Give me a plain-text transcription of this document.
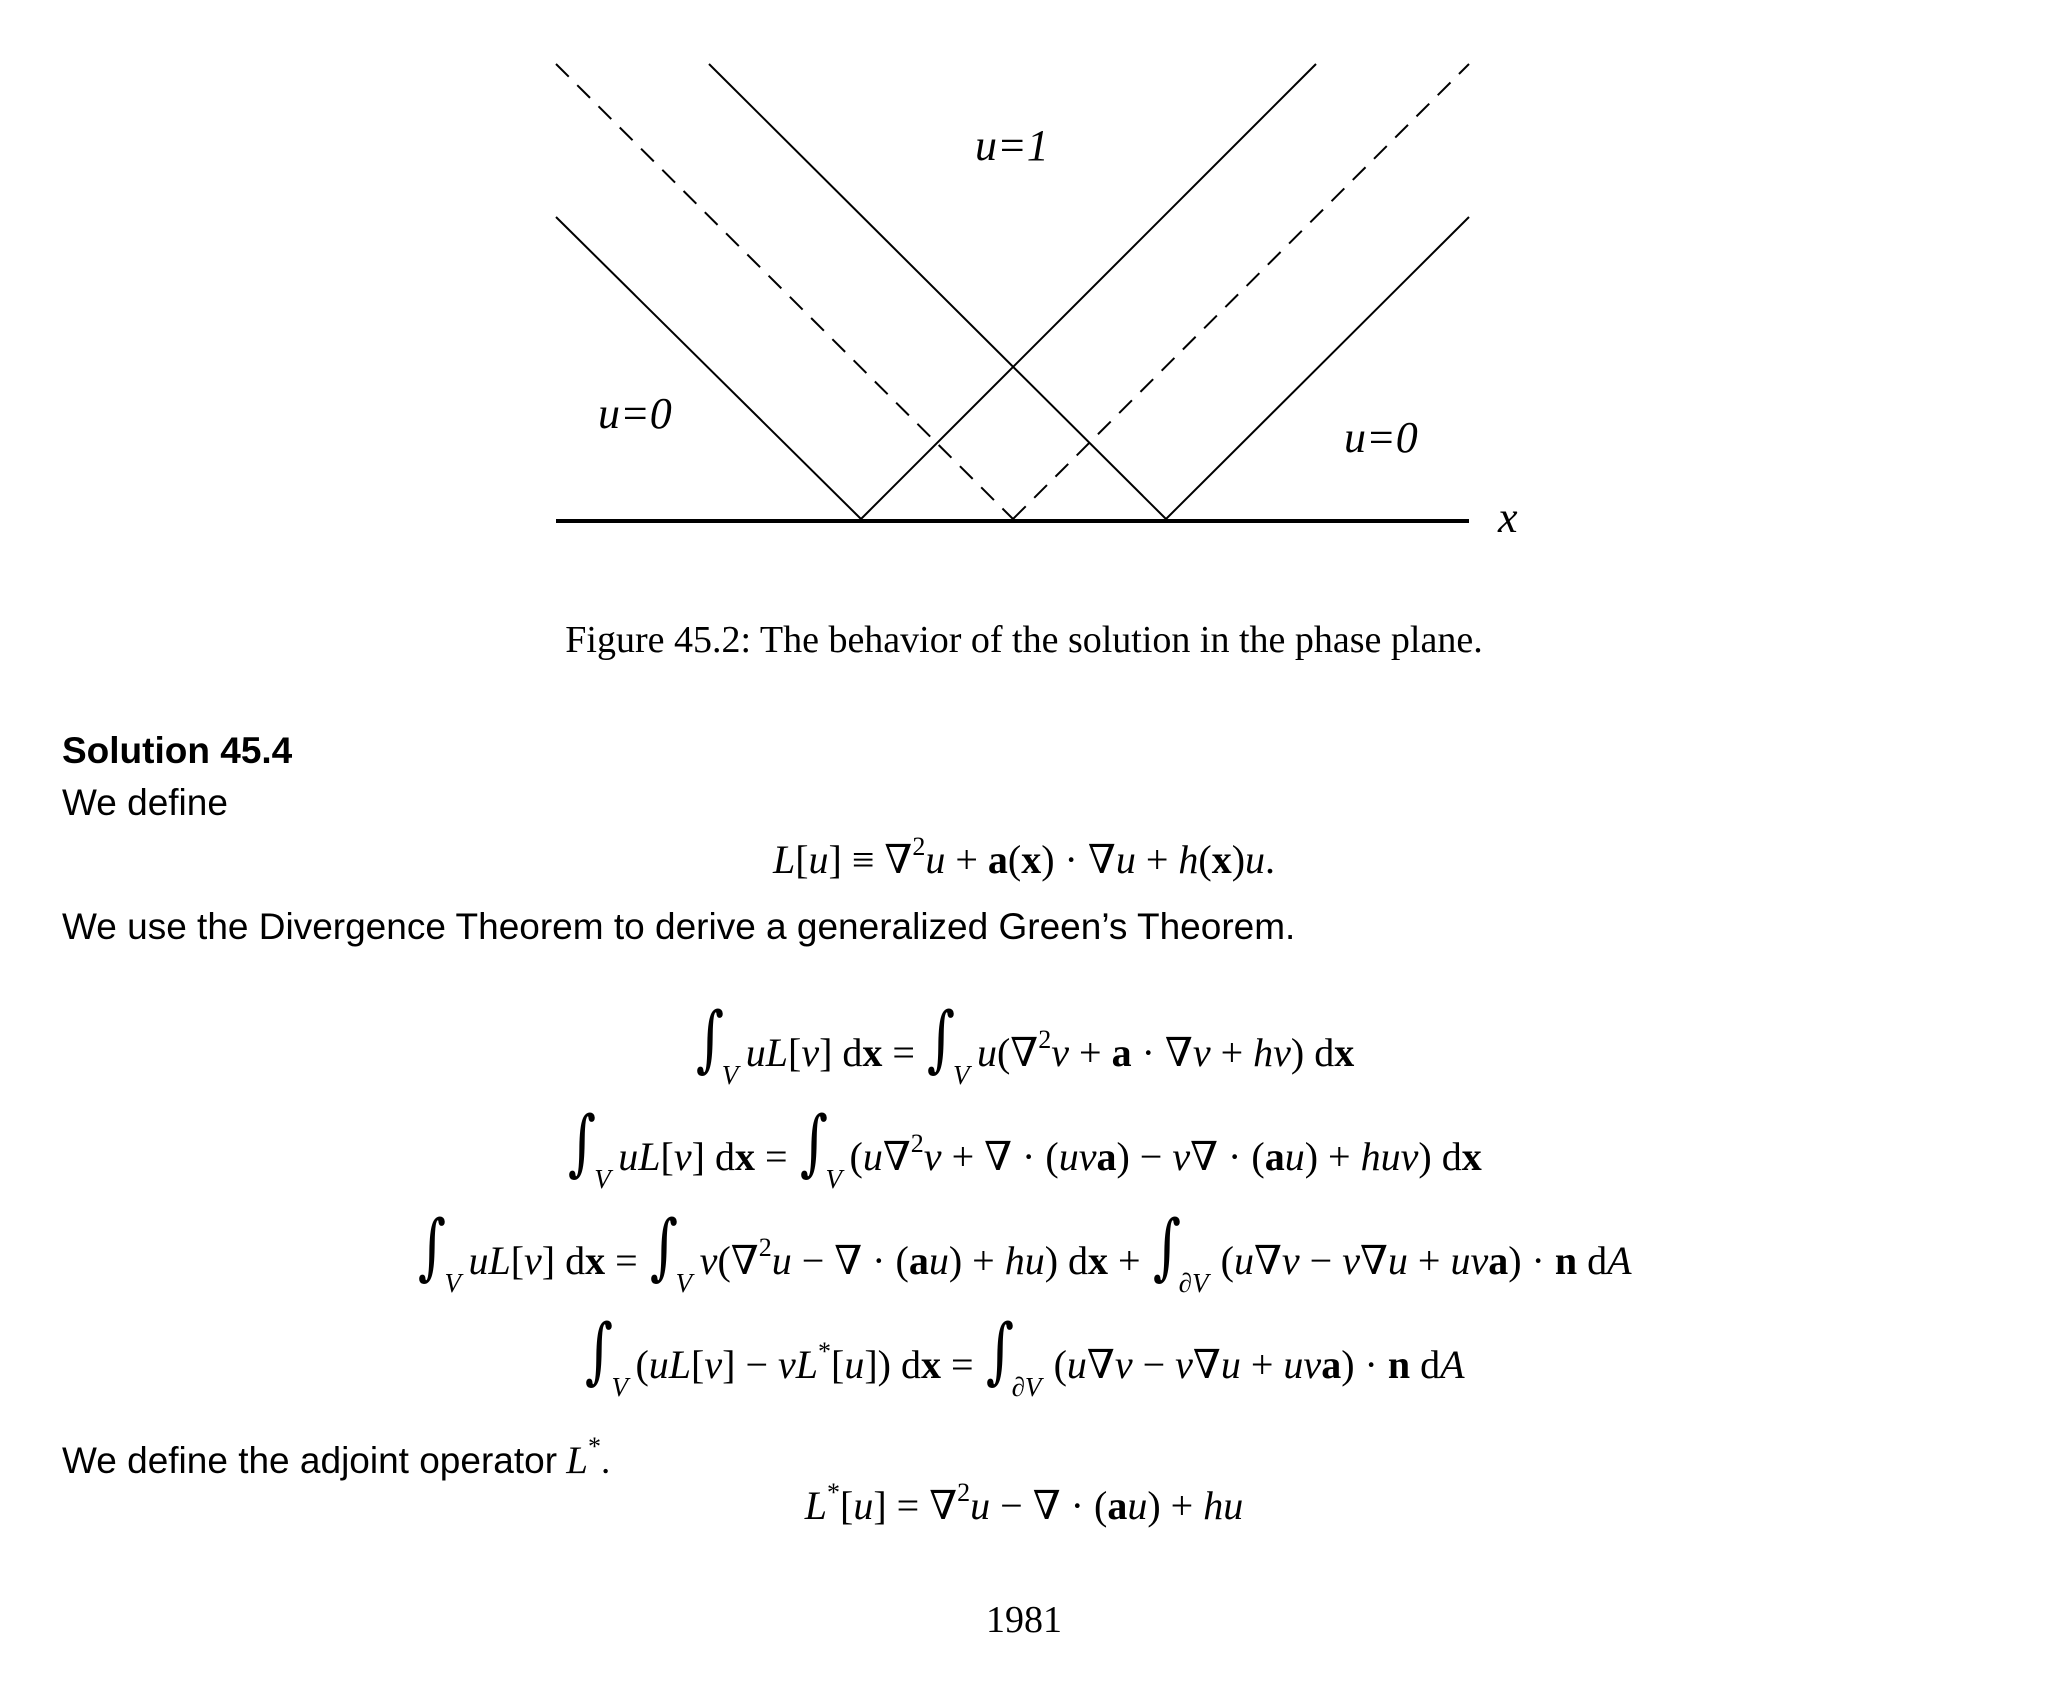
u=1
u=0	u=0
x
Figure 45.2: The behavior of the solution in the phase plane.
Solution 45.4
We define
L[u] ≡ ∇$^2$u + a(x) · ∇u + h(x)u.
We use the Divergence Theorem to derive a generalized Green’s Theorem.
∫
V uL[v] dx = ∫
V u(∇$^2$v + a · ∇v + hv) dx
∫
V uL[v] dx = ∫
V
(u∇$^2$v + ∇ · (uva) − v∇ · (au) + huv) dx
∫
V uL[v] dx = ∫
V v(∇$^2$u − ∇ · (au) + hu) dx + ∫
∂V (u∇v − v∇u + uva) · n dA
∫
V
(uL[v] − vL*[u]) dx = ∫
∂V (u∇v − v∇u + uva) · n dA
We define the adjoint operator L*.
L*[u] = ∇$^2$u − ∇ · (au) + hu
1981
